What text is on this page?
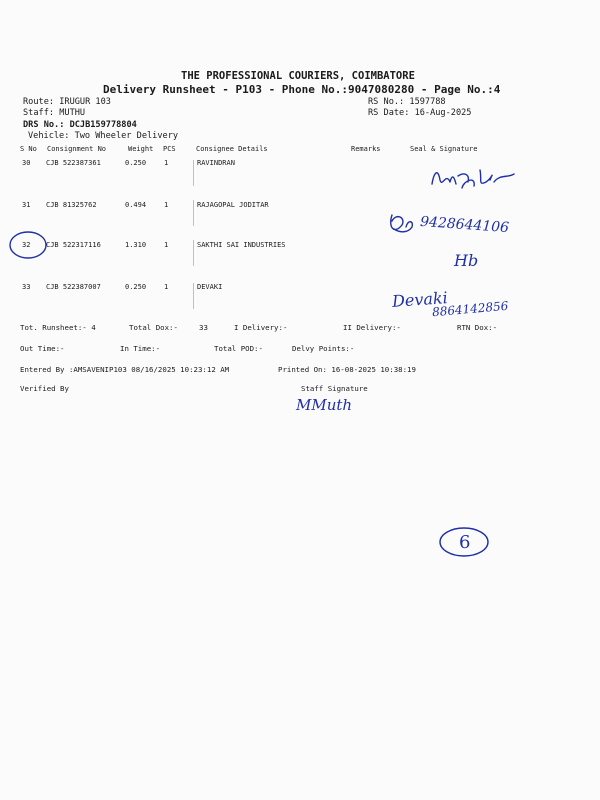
THE PROFESSIONAL COURIERS, COIMBATORE
Delivery Runsheet - P103 - Phone No.:9047080280 - Page No.:4
Route: IRUGUR 103
Staff: MUTHU
DRS No.: DCJB159778804
Vehicle: Two Wheeler Delivery
RS No.: 1597788
RS Date: 16-Aug-2025
S No Consignment No	Weight PCS	Consignee Details	Remarks	Seal & Signature
30 CJB 522387361	0.250	1	RAVINDRAN
31 CJB 81325762	0.494	1	RAJAGOPAL JODITAR
32 CJB 522317116	1.310	1	SAKTHI SAI INDUSTRIES
33 CJB 522387007	0.250	1	DEVAKI
Tot. Runsheet:- 4	Total Dox:-	33	I Delivery:-	II Delivery:-	RTN Dox:-
Out Time:-	In Time:-	Total POD:-	Delvy Points:-
Entered By :AMSAVENIP103 08/16/2025 10:23:12 AM	Printed On: 16-08-2025 10:38:19
Verified By	Staff Signature
9428644106
Hb
Devaki
8864142856
MMuth
6
